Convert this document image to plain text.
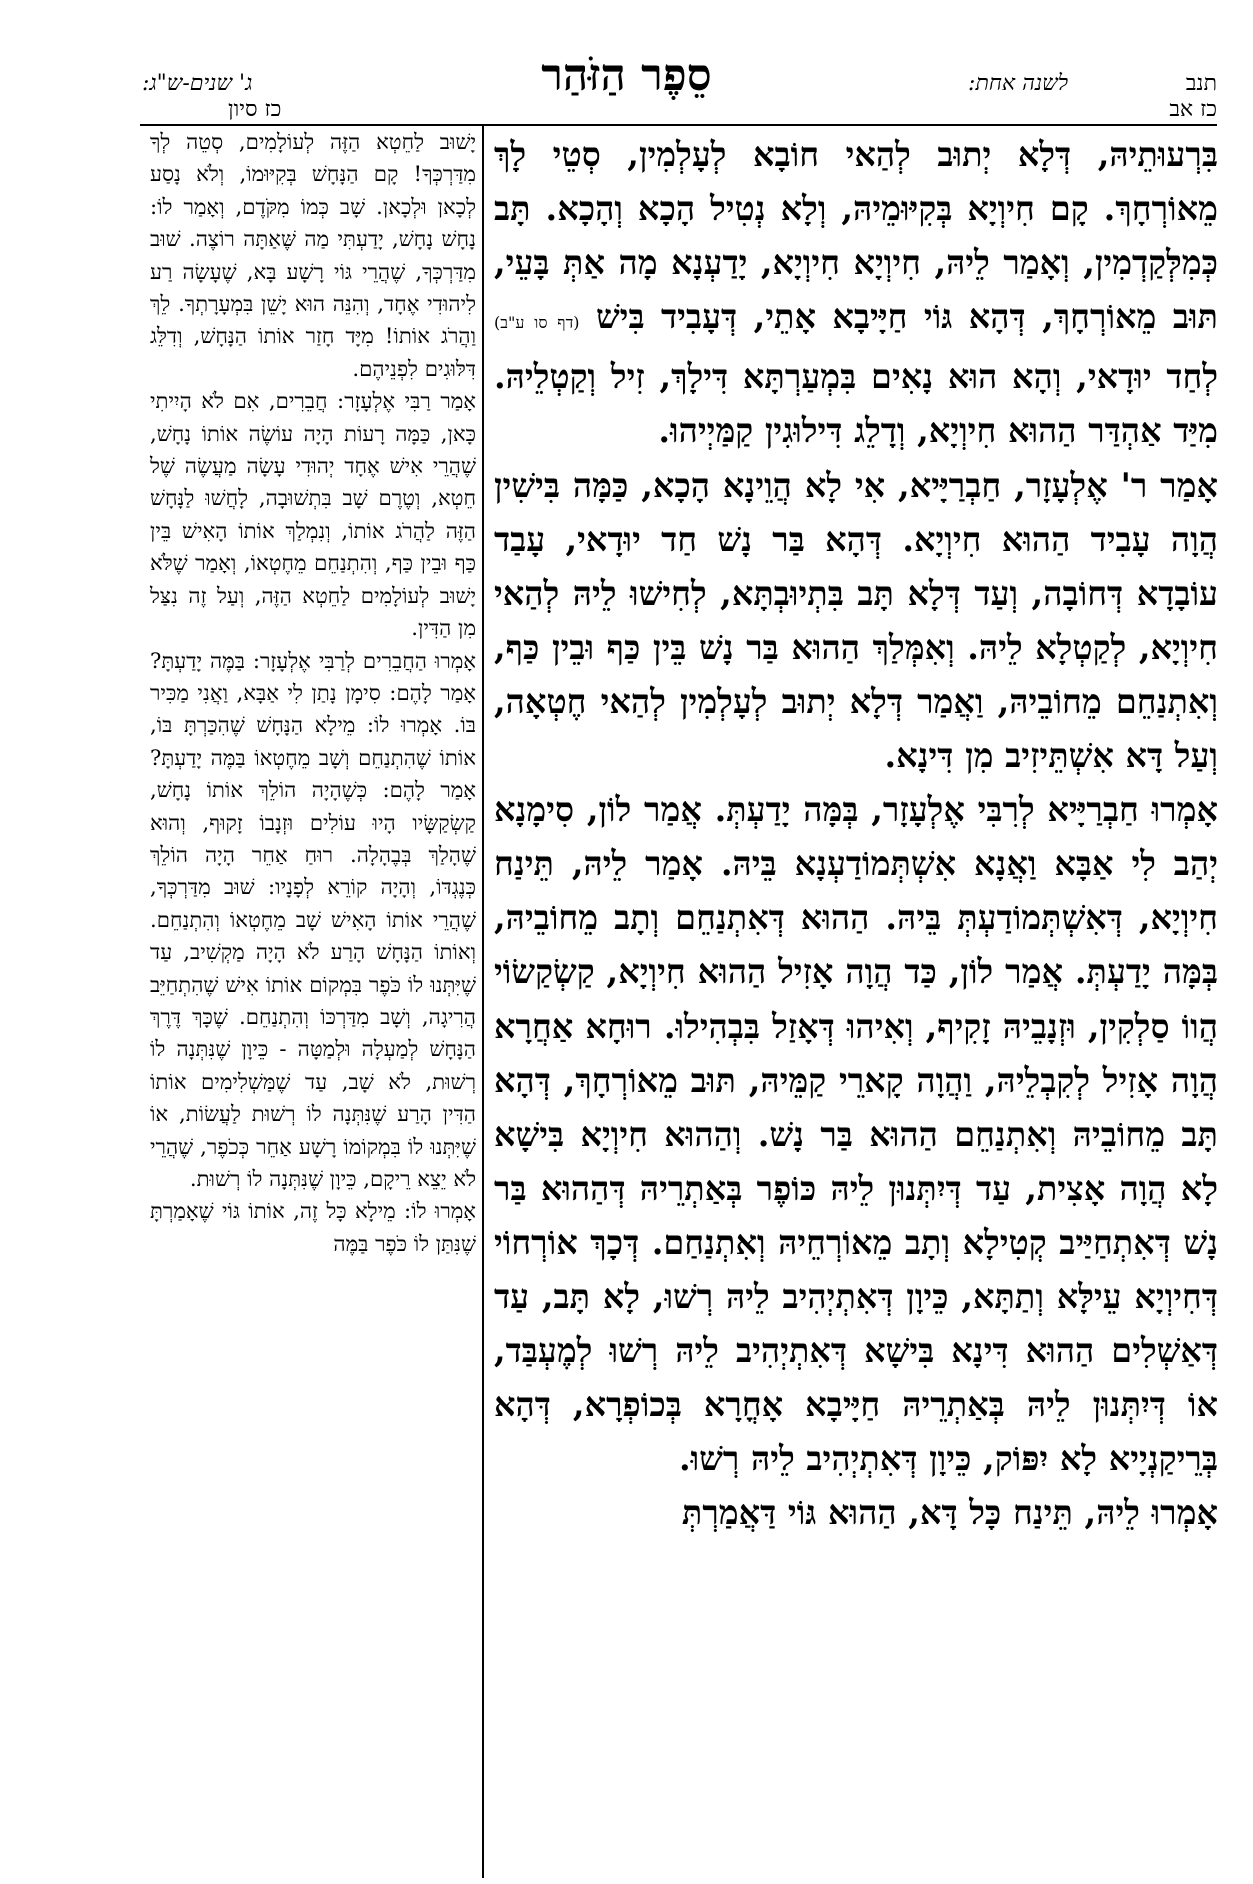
תנב
כז אב
לשנה אחת:
סֵפֶר הַזֹּהַר
ג' שנים-ש"ג:
כז סיון

בִּרְעוּתֵיהּ, דְּלָא יְתוּב לְהַאי חוֹבָא לְעָלְמִין, סְטֵי לָךְ מֵאוֹרְחָךְ. קָם חִיוְיָא בְּקִיּוּמֵיהּ, וְלָא נְטִיל הָכָא וְהָכָא. תָּב כְּמִלְּקַדְמִין, וְאָמַר לֵיהּ, חִיוְיָא חִיוְיָא, יָדַעְנָא מָה אַתְּ בָּעֵי, תּוּב מֵאוֹרְחָךְ, דְּהָא גּוֹי חַיָּיבָא אָתֵי, דְּעָבִיד בִּישׁ (דף סו ע"ב) לְחַד יוּדָאי, וְהָא הוּא נָאִים בִּמְעַרְתָּא דִּילָךְ, זִיל וְקַטְלֵיהּ. מִיַּד אַהְדַּר הַהוּא חִיוְיָא, וְדָלֵג דִּילוּגִין קַמַּיְיהוּ.

אָמַר ר' אֶלְעָזָר, חַבְרַיָּיא, אִי לָא הֲוֵינָא הָכָא, כַּמָּה בִּישִׁין הֲוָה עָבִיד הַהוּא חִיוְיָא. דְּהָא בַּר נָשׁ חַד יוּדָאי, עָבַד עוֹבָדָא דְּחוֹבָה, וְעַד דְּלָא תָּב בִּתְיוּבְתָּא, לְחִישׁוּ לֵיהּ לְהַאי חִיוְיָא, לְקַטְלָא לֵיהּ. וְאִמְּלַךְ הַהוּא בַּר נָשׁ בֵּין כַּף וּבֵין כַּף, וְאִתְנַחֵם מֵחוֹבֵיהּ, וַאֲמַר דְּלָא יְתוּב לְעָלְמִין לְהַאי חֶטְאָה, וְעַל דָּא אִשְׁתֵּיזִיב מִן דִּינָא.

אָמְרוּ חַבְרַיָּיא לְרִבִּי אֶלְעָזָר, בְּמָּה יָדַעְתְּ. אֲמַר לוֹן, סִימָנָא יְהַב לִי אַבָּא וַאֲנָא אִשְׁתְּמוֹדַעְנָא בֵּיהּ. אָמַר לֵיהּ, תֵּינַח חִיוְיָא, דְּאִשְׁתְּמוֹדַעְתְּ בֵּיהּ. הַהוּא דְּאִתְנַחֵם וְתָב מֵחוֹבֵיהּ, בְּמָּה יָדַעְתְּ. אֲמַר לוֹן, כַּד הֲוָה אָזִיל הַהוּא חִיוְיָא, קַשְׂקַשׂוֹי הֲווֹ סַלְקִין, וּזְנָבֵיהּ זָקִיף, וְאִיהוּ דְּאָזַל בִּבְהִילוּ. רוּחָא אַחֲרָא הֲוָה אָזִיל לְקִבְלֵיהּ, וַהֲוָה קָארֵי קַמֵּיהּ, תּוּב מֵאוֹרְחָךְ, דְּהָא תָּב מֵחוֹבֵיהּ וְאִתְנַחֵם הַהוּא בַּר נָשׁ. וְהַהוּא חִיוְיָא בִּישָׁא לָא הֲוָה אָצִית, עַד דְּיִתְּנוּן לֵיהּ כּוֹפֶר בְּאַתְרֵיהּ דְּהַהוּא בַּר נָשׁ דְּאִתְחַיַּיב קְטִילָא וְתָב מֵאוֹרְחֵיהּ וְאִתְנַחַם. דְּכָךְ אוֹרְחוֹי דְּחִיוְיָא עֵילָּא וְתַתָּא, כֵּיוָן דְּאִתְיְהִיב לֵיהּ רְשׁוּ, לָא תָּב, עַד דְּאַשְׁלִים הַהוּא דִּינָא בִּישָׁא דְּאִתְיְהִיב לֵיהּ רְשׁוּ לְמֶעְבַּד, אוֹ דְּיִתְּנוּן לֵיהּ בְּאַתְרֵיהּ חַיָּיבָא אָחֳרָא בְּכוֹפְרָא, דְּהָא בְּרֵיקַנְיָיא לָא יִפּוֹק, כֵּיוָן דְּאִתְיְהִיב לֵיהּ רְשׁוּ.

אָמְרוּ לֵיהּ, תֵּינַח כָּל דָּא, הַהוּא גּוֹי דַּאֲמַרְתְּ

יָשׁוּב לַחֵטְא הַזֶּה לְעוֹלָמִים, סְטֵה לְךָ מִדַּרְכְּךָ! קָם הַנָּחָשׁ בְּקִיּוּמוֹ, וְלֹא נָסַע לְכָאן וּלְכָאן. שָׁב כְּמוֹ מִקֹּדֶם, וְאָמַר לוֹ: נָחָשׁ נָחָשׁ, יָדַעְתִּי מַה שֶּׁאַתָּה רוֹצֶה. שׁוּב מִדַּרְכְּךָ, שֶׁהֲרֵי גּוֹי רָשָׁע בָּא, שֶׁעָשָׂה רַע לִיהוּדִי אֶחָד, וְהִנֵּה הוּא יָשֵׁן בִּמְעָרָתְךָ. לֵךְ וַהֲרֹג אוֹתוֹ! מִיָּד חָזַר אוֹתוֹ הַנָּחָשׁ, וְדִלֵּג דִּלּוּגִים לִפְנֵיהֶם.

אָמַר רַבִּי אֶלְעָזָר: חֲבֵרִים, אִם לֹא הָיִיתִי כָּאן, כַּמָּה רָעוֹת הָיָה עוֹשֶׂה אוֹתוֹ נָחָשׁ, שֶׁהֲרֵי אִישׁ אֶחָד יְהוּדִי עָשָׂה מַעֲשֶׂה שֶׁל חֵטְא, וְטֶרֶם שָׁב בִּתְשׁוּבָה, לָחֲשׁוּ לַנָּחָשׁ הַזֶּה לַהֲרֹג אוֹתוֹ, וְנִמְלַךְ אוֹתוֹ הָאִישׁ בֵּין כַּף וּבֵין כַּף, וְהִתְנַחֵם מֵחֶטְאוֹ, וְאָמַר שֶׁלֹּא יָשׁוּב לְעוֹלָמִים לַחֵטְא הַזֶּה, וְעַל זֶה נִצַּל מִן הַדִּין.

אָמְרוּ הַחֲבֵרִים לְרַבִּי אֶלְעָזָר: בַּמֶּה יָדַעְתָּ? אָמַר לָהֶם: סִימָן נָתַן לִי אַבָּא, וַאֲנִי מַכִּיר בּוֹ. אָמְרוּ לוֹ: מֵילָא הַנָּחָשׁ שֶׁהִכַּרְתָּ בּוֹ, אוֹתוֹ שֶׁהִתְנַחֵם וְשָׁב מֵחֶטְאוֹ בַּמֶּה יָדַעְתָּ? אָמַר לָהֶם: כְּשֶׁהָיָה הוֹלֵךְ אוֹתוֹ נָחָשׁ, קַשְׂקַשָּׂיו הָיוּ עוֹלִים וּזְנָבוֹ זָקוּף, וְהוּא שֶׁהָלַךְ בְּבֶהָלָה. רוּחַ אַחֵר הָיָה הוֹלֵךְ כְּנֶגְדּוֹ, וְהָיָה קוֹרֵא לְפָנָיו: שׁוּב מִדַּרְכְּךָ, שֶׁהֲרֵי אוֹתוֹ הָאִישׁ שָׁב מֵחֶטְאוֹ וְהִתְנַחֵם. וְאוֹתוֹ הַנָּחָשׁ הָרַע לֹא הָיָה מַקְשִׁיב, עַד שֶׁיִּתְּנוּ לוֹ כֹּפֶר בִּמְקוֹם אוֹתוֹ אִישׁ שֶׁהִתְחַיֵּב הֲרִיגָה, וְשָׁב מִדַּרְכּוֹ וְהִתְנַחֵם. שֶׁכָּךְ דֶּרֶךְ הַנָּחָשׁ לְמַעְלָה וּלְמַטָּה - כֵּיוָן שֶׁנִּתְּנָה לוֹ רְשׁוּת, לֹא שָׁב, עַד שֶׁמַּשְׁלִימִים אוֹתוֹ הַדִּין הָרַע שֶׁנִּתְּנָה לוֹ רְשׁוּת לַעֲשׂוֹת, אוֹ שֶׁיִּתְּנוּ לוֹ בִּמְקוֹמוֹ רָשָׁע אַחֵר כְּכֹפֶר, שֶׁהֲרֵי לֹא יֵצֵא רֵיקָם, כֵּיוָן שֶׁנִּתְּנָה לוֹ רְשׁוּת.

אָמְרוּ לוֹ: מֵילָא כָּל זֶה, אוֹתוֹ גּוֹי שֶׁאָמַרְתָּ שֶׁנִּתַּן לוֹ כֹּפֶר בַּמֶּה
